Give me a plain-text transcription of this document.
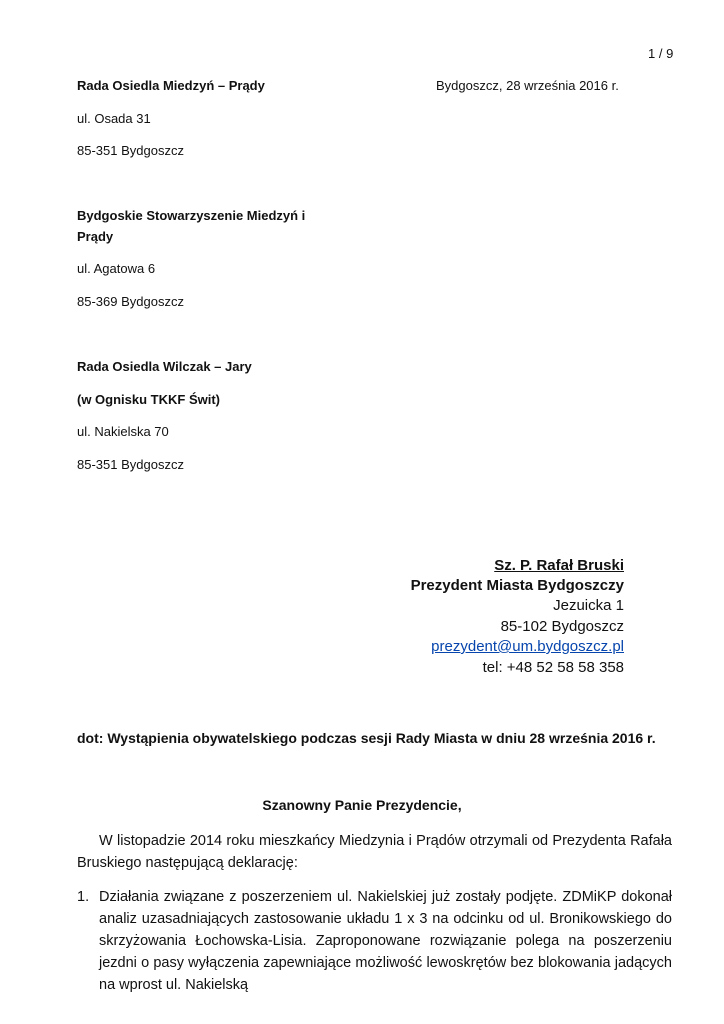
1 / 9
Bydgoszcz, 28 września 2016 r.
Rada Osiedla Miedzyń – Prądy
ul. Osada 31
85-351 Bydgoszcz
Bydgoskie Stowarzyszenie Miedzyń i
Prądy
ul. Agatowa 6
85-369 Bydgoszcz
Rada Osiedla Wilczak – Jary
(w Ognisku TKKF Świt)
ul. Nakielska 70
85-351 Bydgoszcz
Sz. P. Rafał Bruski
Prezydent Miasta Bydgoszczy
Jezuicka 1
85-102 Bydgoszcz
prezydent@um.bydgoszcz.pl
tel: +48 52 58 58 358
dot: Wystąpienia obywatelskiego podczas sesji Rady Miasta w dniu 28 września 2016 r.
Szanowny Panie Prezydencie,
W listopadzie 2014 roku mieszkańcy Miedzynia i Prądów otrzymali od Prezydenta Rafała Bruskiego następującą deklarację:
1. Działania związane z poszerzeniem ul. Nakielskiej już zostały podjęte. ZDMiKP dokonał analiz uzasadniających zastosowanie układu 1 x 3 na odcinku od ul. Bronikowskiego do skrzyżowania Łochowska-Lisia. Zaproponowane rozwiązanie polega na poszerzeniu jezdni o pasy wyłączenia zapewniające możliwość lewoskrętów bez blokowania jadących na wprost ul. Nakielską
